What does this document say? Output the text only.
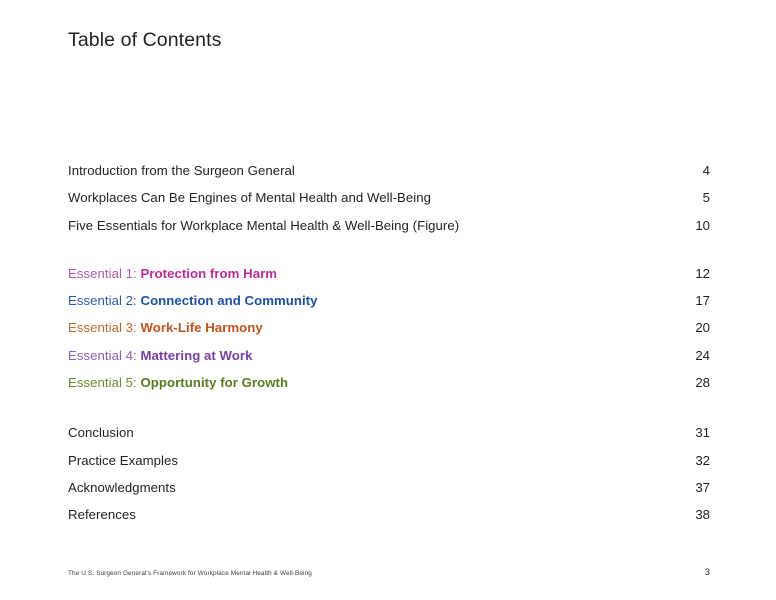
Table of Contents
Introduction from the Surgeon General	4
Workplaces Can Be Engines of Mental Health and Well-Being	5
Five Essentials for Workplace Mental Health & Well-Being (Figure)	10
Essential 1: Protection from Harm	12
Essential 2: Connection and Community	17
Essential 3: Work-Life Harmony	20
Essential 4: Mattering at Work	24
Essential 5: Opportunity for Growth	28
Conclusion	31
Practice Examples	32
Acknowledgments	37
References	38
The U.S. Surgeon General's Framework for Workplace Mental Health & Well-Being	3
